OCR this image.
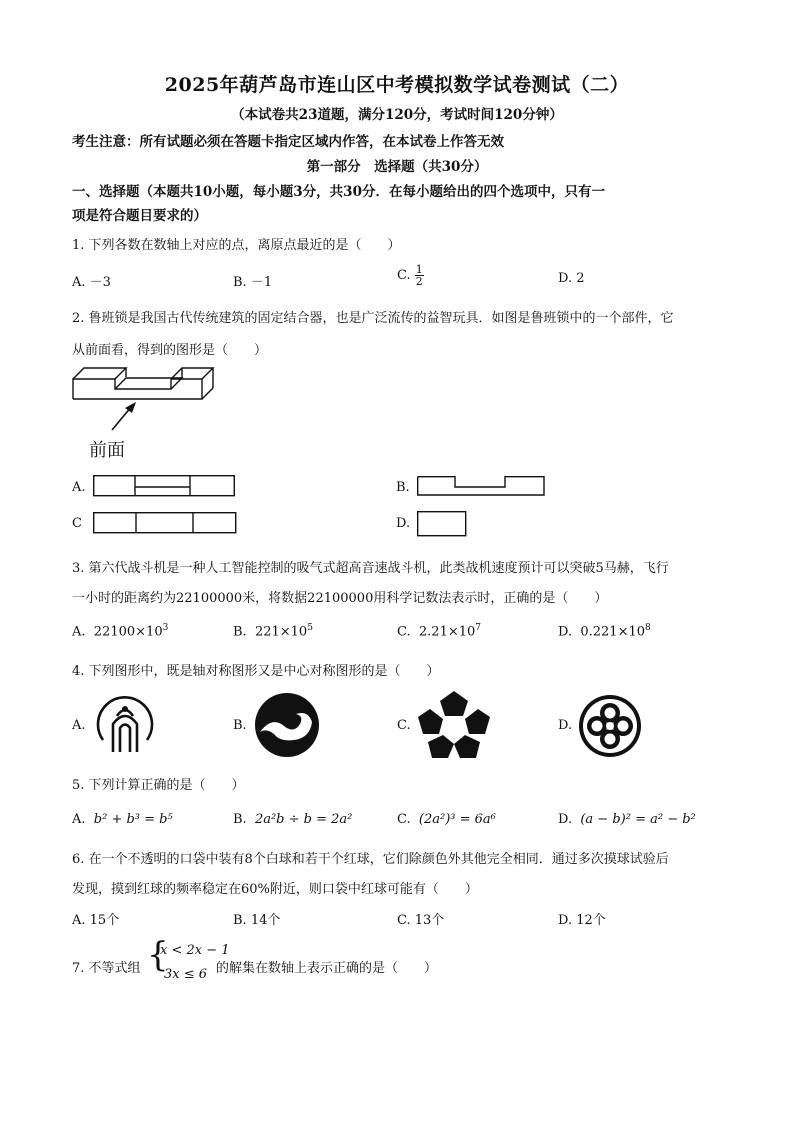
2025年葫芦岛市连山区中考模拟数学试卷测试（二）
（本试卷共23道题，满分120分，考试时间120分钟）
考生注意：所有试题必须在答题卡指定区域内作答，在本试卷上作答无效
第一部分　选择题（共30分）
一、选择题（本题共10小题，每小题3分，共30分．在每小题给出的四个选项中，只有一
项是符合题目要求的）
1. 下列各数在数轴上对应的点，离原点最近的是（　　）
A. －3	B. －1	C. $\frac{1}{2}$	D. 2
2. 鲁班锁是我国古代传统建筑的固定结合器，也是广泛流传的益智玩具．如图是鲁班锁中的一个部件，它
从前面看，得到的图形是（　　）
前面
A.	B.
C	D.
3. 第六代战斗机是一种人工智能控制的吸气式超高音速战斗机，此类战机速度预计可以突破5马赫，飞行
一小时的距离约为22100000米，将数据22100000用科学记数法表示时，正确的是（　　）
A. $22100\times 10^3$	B. $221\times 10^5$	C. $2.21\times 10^7$	D. $0.221\times 10^8$
4. 下列图形中，既是轴对称图形又是中心对称图形的是（　　）
A.	B.	C.	D.
5. 下列计算正确的是（　　）
A. b² + b³ = b⁵	B. 2a²b ÷ b = 2a²	C. (2a²)³ = 6a⁶	D. (a − b)² = a² − b²
6. 在一个不透明的口袋中装有8个白球和若干个红球，它们除颜色外其他完全相同．通过多次摸球试验后
发现，摸到红球的频率稳定在60%附近，则口袋中红球可能有（　　）
A. 15个	B. 14个	C. 13个	D. 12个
7. 不等式组 {
x < 2x − 1
3x ≤ 6 的解集在数轴上表示正确的是（　　）
